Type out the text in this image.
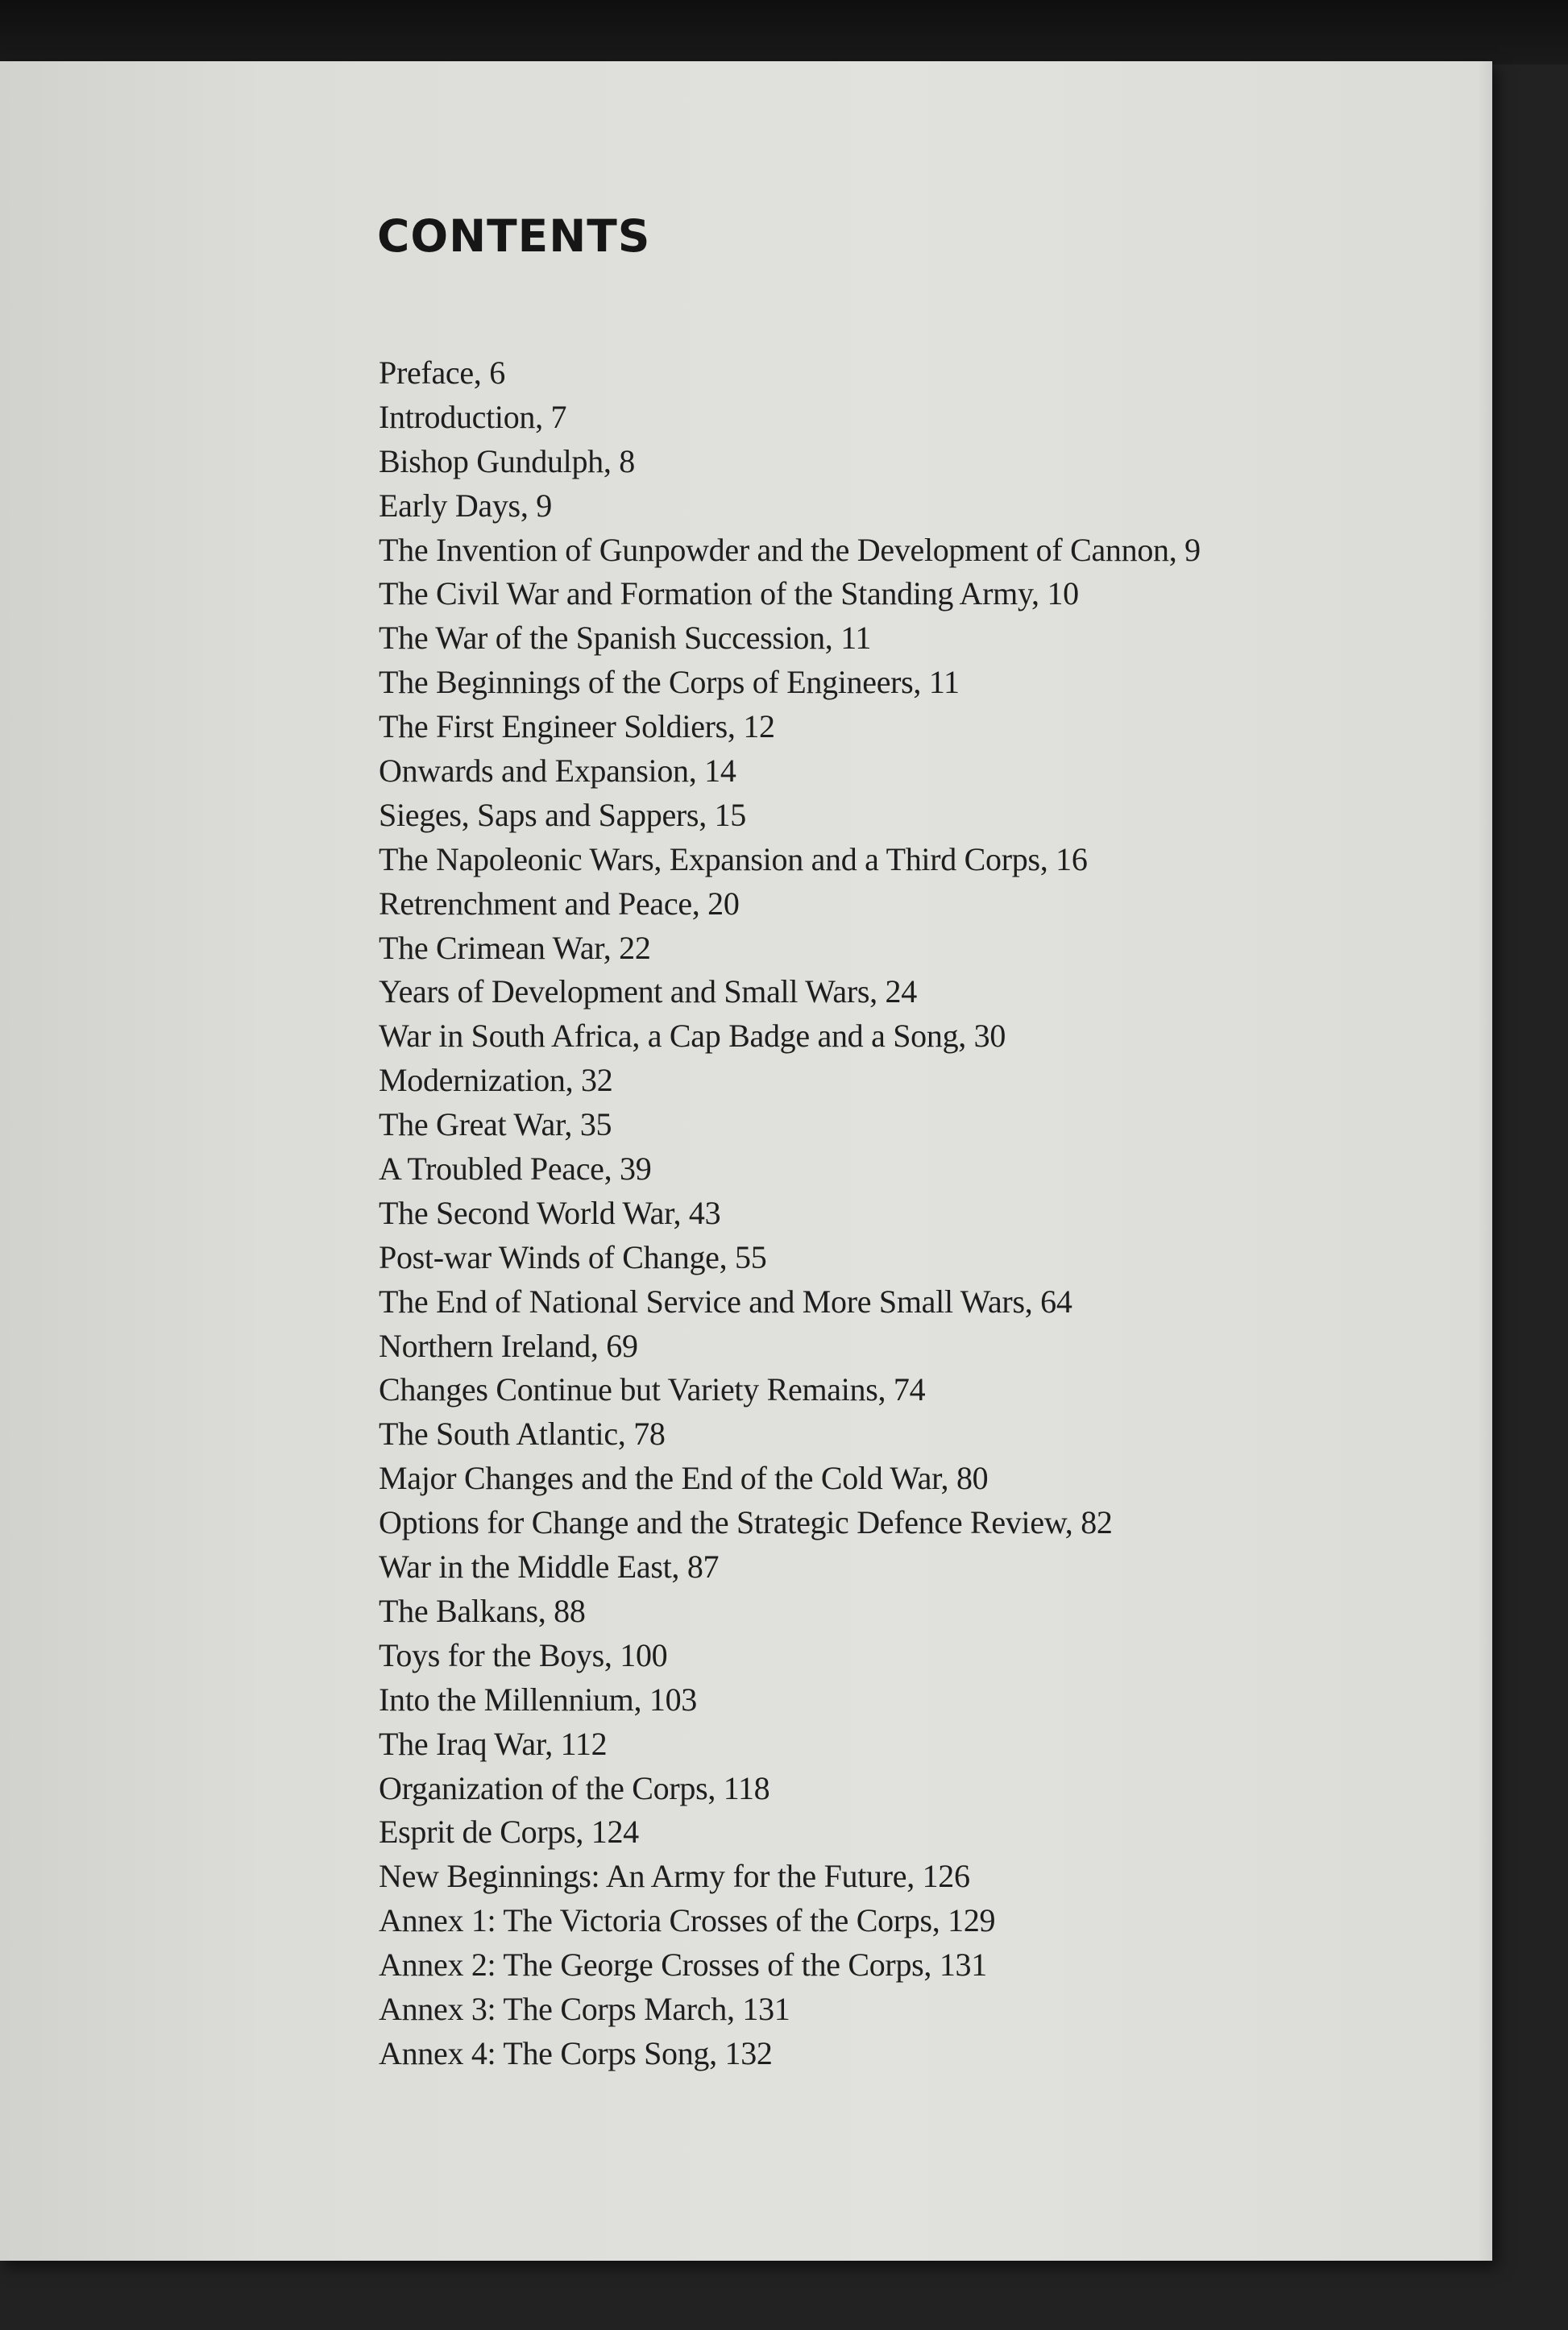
CONTENTS
Preface, 6
Introduction, 7
Bishop Gundulph, 8
Early Days, 9
The Invention of Gunpowder and the Development of Cannon, 9
The Civil War and Formation of the Standing Army, 10
The War of the Spanish Succession, 11
The Beginnings of the Corps of Engineers, 11
The First Engineer Soldiers, 12
Onwards and Expansion, 14
Sieges, Saps and Sappers, 15
The Napoleonic Wars, Expansion and a Third Corps, 16
Retrenchment and Peace, 20
The Crimean War, 22
Years of Development and Small Wars, 24
War in South Africa, a Cap Badge and a Song, 30
Modernization, 32
The Great War, 35
A Troubled Peace, 39
The Second World War, 43
Post-war Winds of Change, 55
The End of National Service and More Small Wars, 64
Northern Ireland, 69
Changes Continue but Variety Remains, 74
The South Atlantic, 78
Major Changes and the End of the Cold War, 80
Options for Change and the Strategic Defence Review, 82
War in the Middle East, 87
The Balkans, 88
Toys for the Boys, 100
Into the Millennium, 103
The Iraq War, 112
Organization of the Corps, 118
Esprit de Corps, 124
New Beginnings: An Army for the Future, 126
Annex 1: The Victoria Crosses of the Corps, 129
Annex 2: The George Crosses of the Corps, 131
Annex 3: The Corps March, 131
Annex 4: The Corps Song, 132
